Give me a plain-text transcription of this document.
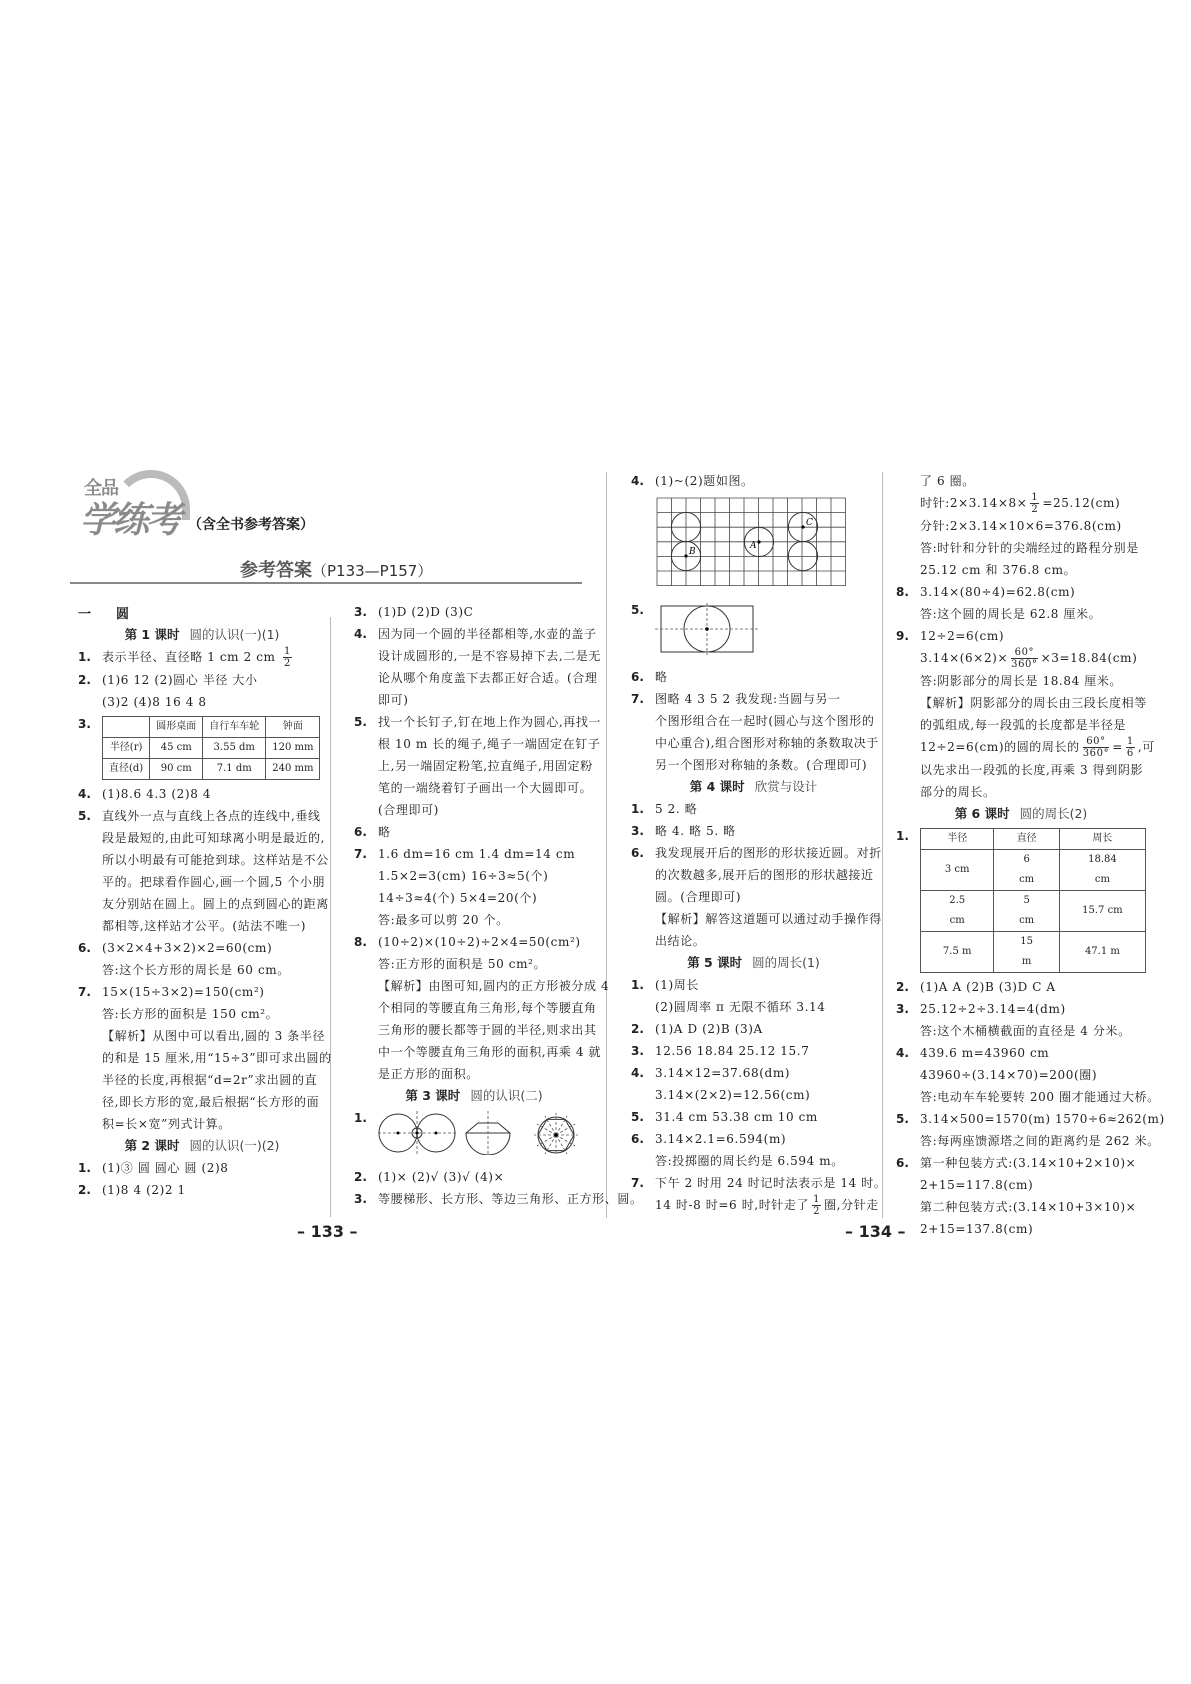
全品
学练考 （含全书参考答案）
参考答案（P133—P157）
一 圆
第 1 课时 圆的认识(一)(1)
1. 表示半径、直径略 1 cm 2 cm $\frac{1}{2}$
2. (1)6 12 (2)圆心 半径 大小
(3)2 (4)8 16 4 8
3.
		圆形桌面	自行车车轮	钟面
半径(r)	45 cm	3.55 dm	120 mm
直径(d)	90 cm	7.1 dm	240 mm
4. (1)8.6 4.3 (2)8 4
5. 直线外一点与直线上各点的连线中,垂线
段是最短的,由此可知球离小明是最近的,
所以小明最有可能抢到球。这样站是不公
平的。把球看作圆心,画一个圆,5 个小朋
友分别站在圆上。圆上的点到圆心的距离
都相等,这样站才公平。(站法不唯一)
6. (3×2×4+3×2)×2=60(cm)
答:这个长方形的周长是 60 cm。
7. 15×(15÷3×2)=150(cm²)
答:长方形的面积是 150 cm²。
【解析】从图中可以看出,圆的 3 条半径
的和是 15 厘米,用“15÷3”即可求出圆的
半径的长度,再根据“d=2r”求出圆的直
径,即长方形的宽,最后根据“长方形的面
积=长×宽”列式计算。
第 2 课时 圆的认识(一)(2)
1. (1)③ 圆 圆心 圆 (2)8
2. (1)8 4 (2)2 1
3. (1)D (2)D (3)C
4. 因为同一个圆的半径都相等,水壶的盖子
设计成圆形的,一是不容易掉下去,二是无
论从哪个角度盖下去都正好合适。(合理
即可)
5. 找一个长钉子,钉在地上作为圆心,再找一
根 10 m 长的绳子,绳子一端固定在钉子
上,另一端固定粉笔,拉直绳子,用固定粉
笔的一端绕着钉子画出一个大圆即可。
(合理即可)
6. 略
7. 1.6 dm=16 cm 1.4 dm=14 cm
1.5×2=3(cm) 16÷3≈5(个)
14÷3≈4(个) 5×4=20(个)
答:最多可以剪 20 个。
8. (10÷2)×(10÷2)÷2×4=50(cm²)
答:正方形的面积是 50 cm²。
【解析】由图可知,圆内的正方形被分成 4
个相同的等腰直角三角形,每个等腰直角
三角形的腰长都等于圆的半径,则求出其
中一个等腰直角三角形的面积,再乘 4 就
是正方形的面积。
第 3 课时 圆的认识(二)
1.
2. (1)× (2)√ (3)√ (4)×
3. 等腰梯形、长方形、等边三角形、正方形、圆。
4. (1)~(2)题如图。
A
B
C
5.
6. 略
7. 图略 4 3 5 2 我发现:当圆与另一
个图形组合在一起时(圆心与这个图形的
中心重合),组合图形对称轴的条数取决于
另一个图形对称轴的条数。(合理即可)
第 4 课时 欣赏与设计
1. 5 2. 略
3. 略 4. 略 5. 略
6. 我发现展开后的图形的形状接近圆。对折
的次数越多,展开后的图形的形状越接近
圆。(合理即可)
【解析】解答这道题可以通过动手操作得
出结论。
第 5 课时 圆的周长(1)
1. (1)周长
(2)圆周率 π 无限不循环 3.14
2. (1)A D (2)B (3)A
3. 12.56 18.84 25.12 15.7
4. 3.14×12=37.68(dm)
3.14×(2×2)=12.56(cm)
5. 31.4 cm 53.38 cm 10 cm
6. 3.14×2.1=6.594(m)
答:投掷圈的周长约是 6.594 m。
7. 下午 2 时用 24 时记时法表示是 14 时。
14 时-8 时=6 时,时针走了 $\frac{1}{2}$ 圈,分针走
了 6 圈。
时针:2×3.14×8× $\frac{1}{2} =25.12(cm)$
分针:2×3.14×10×6=376.8(cm)
答:时针和分针的尖端经过的路程分别是
25.12 cm 和 376.8 cm。
8. 3.14×(80÷4)=62.8(cm)
答:这个圆的周长是 62.8 厘米。
9. 12÷2=6(cm)
$3.14\times(6\times 2)\times \frac{60^\circ}{360^\circ} \times 3=18.84(cm)$
答:阴影部分的周长是 18.84 厘米。
【解析】阴影部分的周长由三段长度相等
的弧组成,每一段弧的长度都是半径是
12÷2=6(cm)的圆的周长的 $\frac{60^\circ}{360^\circ} = \frac{1}{6}$ ,可
以先求出一段弧的长度,再乘 3 得到阴影
部分的周长。
第 6 课时 圆的周长(2)
1.	半径	直径	周长
3 cm	6 cm	18.84 cm
2.5 cm	5 cm	15.7 cm
7.5 m	15 m	47.1 m
2. (1)A A (2)B (3)D C A
3. 25.12÷2÷3.14=4(dm)
答:这个木桶横截面的直径是 4 分米。
4. 439.6 m=43960 cm
43960÷(3.14×70)=200(圈)
答:电动车车轮要转 200 圈才能通过大桥。
5. 3.14×500=1570(m) 1570÷6≈262(m)
答:每两座馈源塔之间的距离约是 262 米。
6. 第一种包装方式:(3.14×10+2×10)×
2+15=117.8(cm)
第二种包装方式:(3.14×10+3×10)×
2+15=137.8(cm)
– 133 –	– 134 –
